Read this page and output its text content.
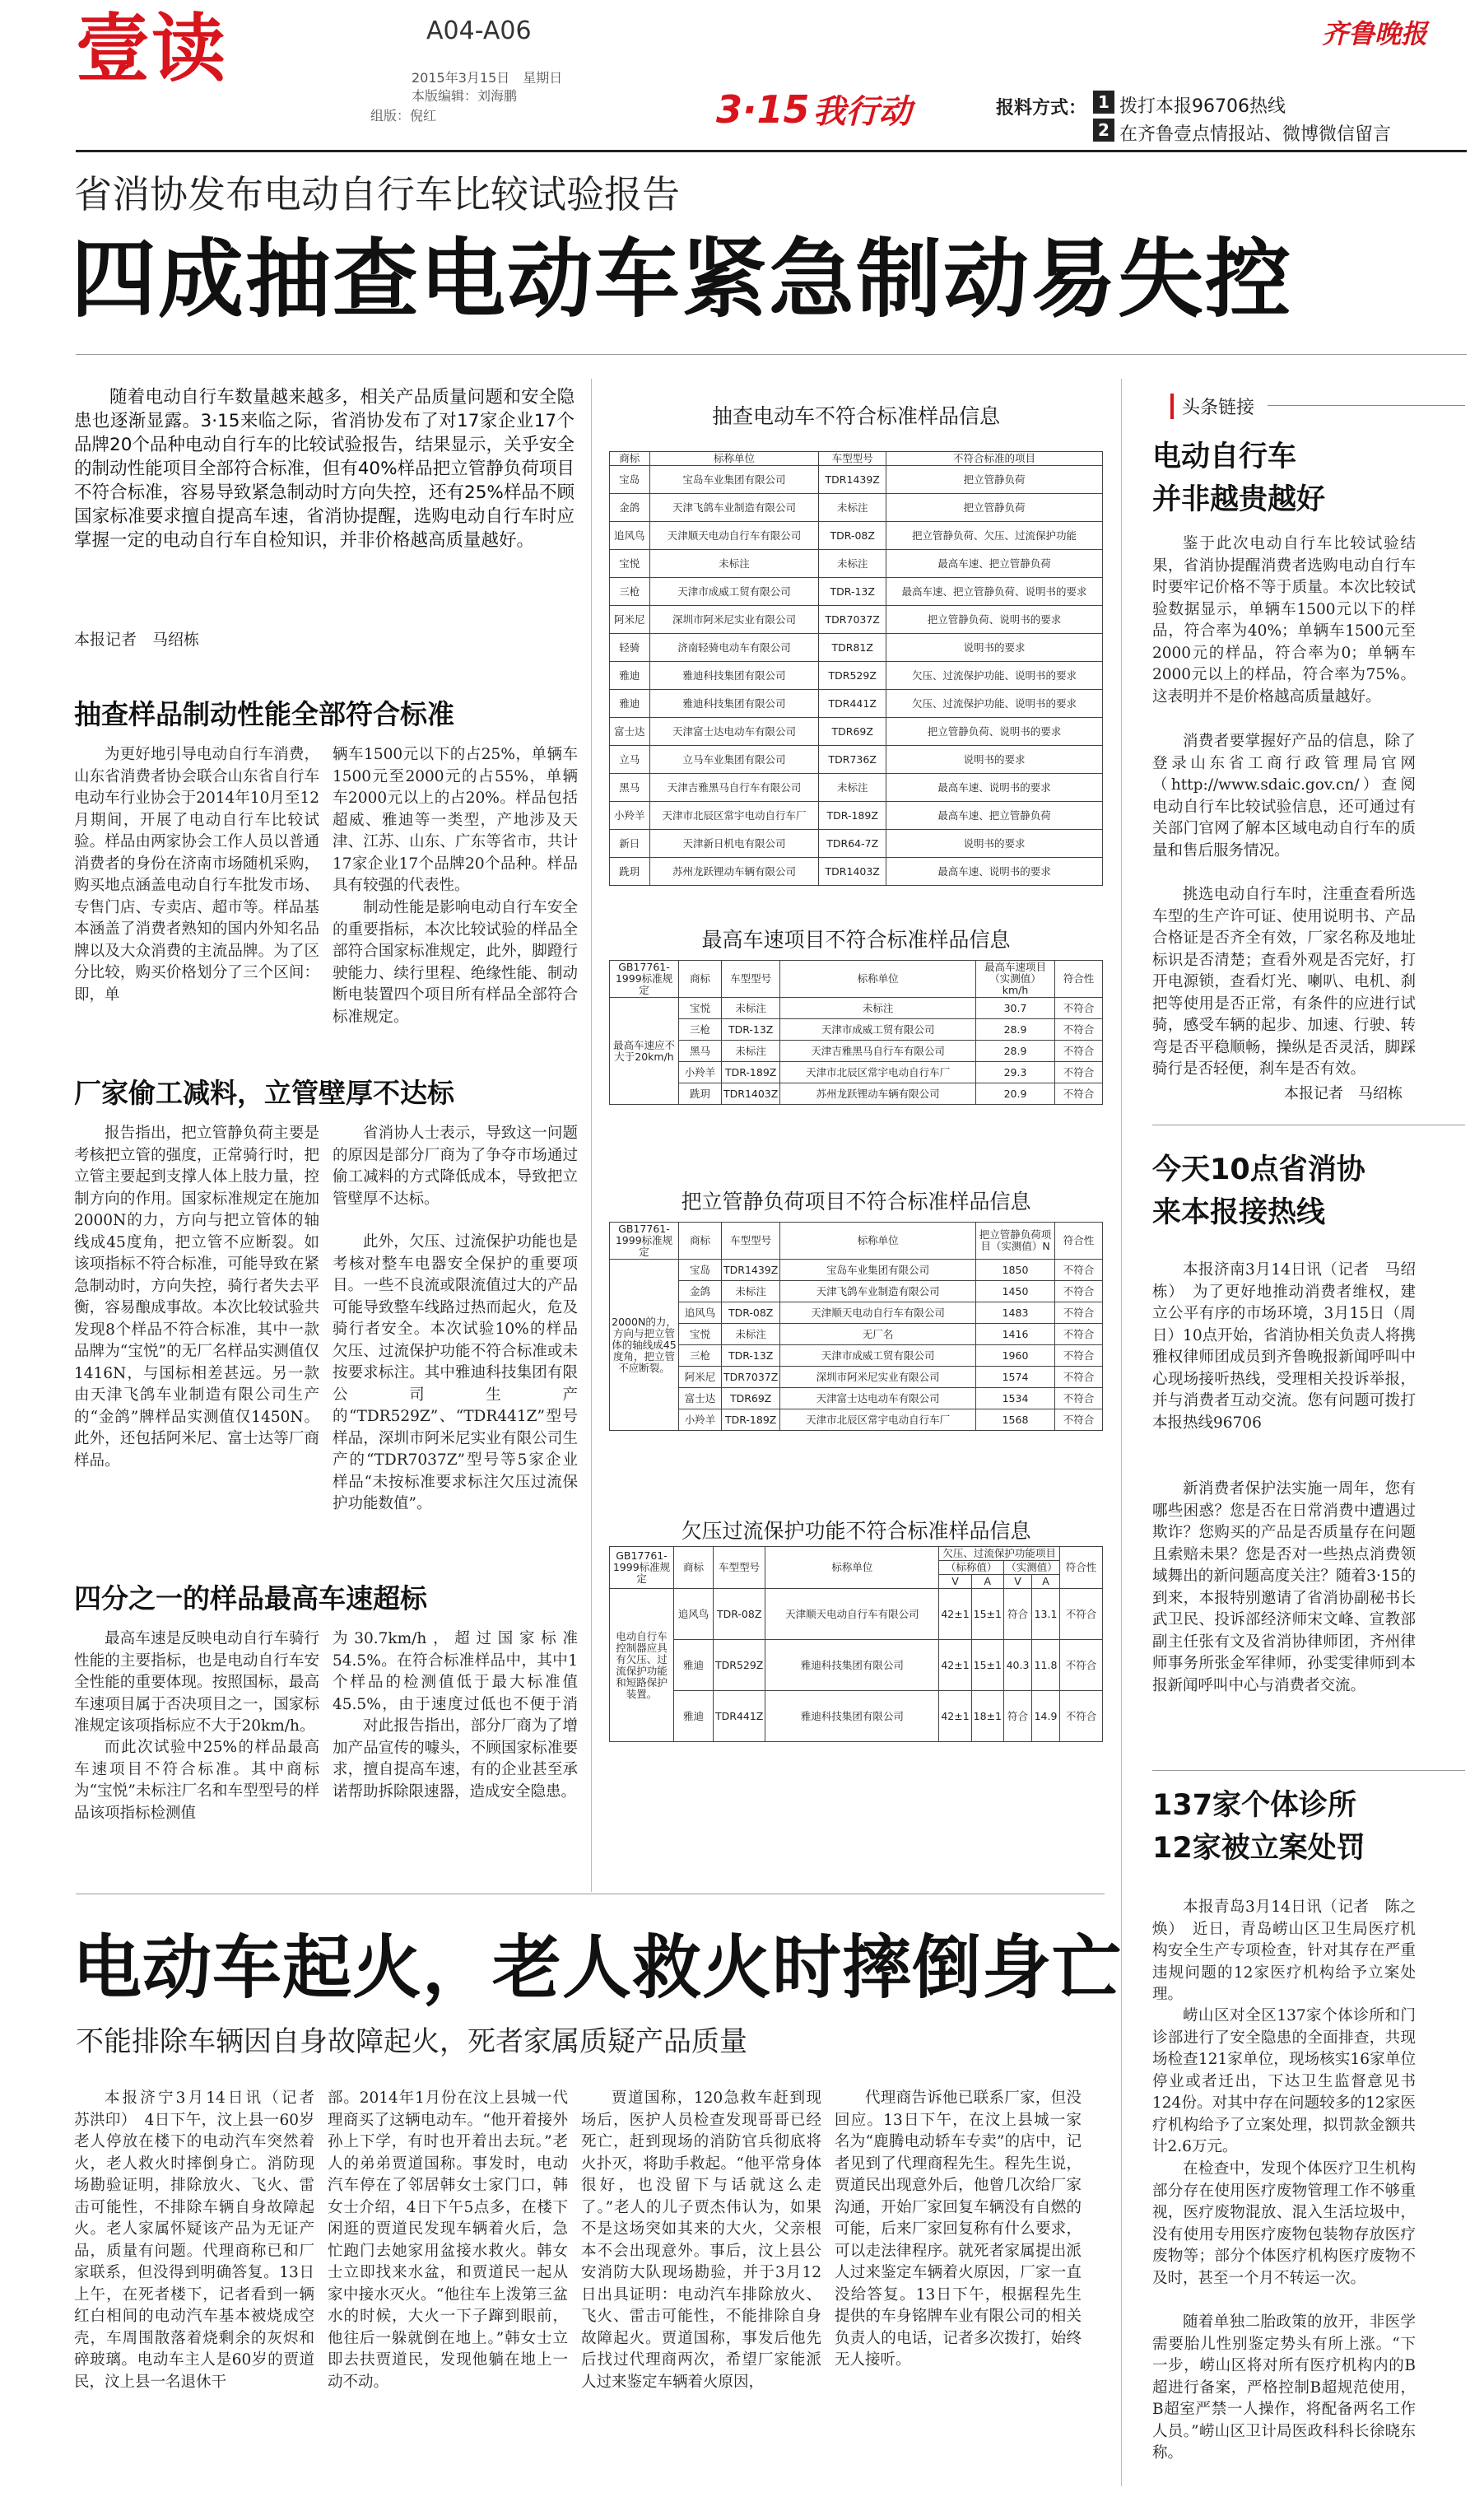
壹读	A04-A06
2015年3月15日　星期日
本版编辑：刘海鹏
组版：倪红
齐鲁晚报
3·15 我行动	报料方式： 1 拨打本报96706热线
2 在齐鲁壹点情报站、微博微信留言
省消协发布电动自行车比较试验报告
四成抽查电动车紧急制动易失控
随着电动自行车数量越来越多，相关产品质量问题和安全隐患也逐渐显露。3·15来临之际，省消协发布了对17家企业17个品牌20个品种电动自行车的比较试验报告，结果显示，关乎安全的制动性能项目全部符合标准，但有40%样品把立管静负荷项目不符合标准，容易导致紧急制动时方向失控，还有25%样品不顾国家标准要求擅自提高车速，省消协提醒，选购电动自行车时应掌握一定的电动自行车自检知识，并非价格越高质量越好。
本报记者　马绍栋
抽查样品制动性能全部符合标准
为更好地引导电动自行车消费，山东省消费者协会联合山东省自行车电动车行业协会于2014年10月至12月期间，开展了电动自行车比较试验。样品由两家协会工作人员以普通消费者的身份在济南市场随机采购，购买地点涵盖电动自行车批发市场、专售门店、专卖店、超市等。样品基本涵盖了消费者熟知的国内外知名品牌以及大众消费的主流品牌。为了区分比较，购买价格划分了三个区间：即，单
辆车1500元以下的占25%，单辆车1500元至2000元的占55%，单辆车2000元以上的占20%。样品包括超威、雅迪等一类型，产地涉及天津、江苏、山东、广东等省市，共计17家企业17个品牌20个品种。样品具有较强的代表性。
制动性能是影响电动自行车安全的重要指标，本次比较试验的样品全部符合国家标准规定，此外，脚蹬行驶能力、续行里程、绝缘性能、制动断电装置四个项目所有样品全部符合标准规定。
厂家偷工减料，立管壁厚不达标
报告指出，把立管静负荷主要是考核把立管的强度，正常骑行时，把立管主要起到支撑人体上肢力量，控制方向的作用。国家标准规定在施加2000N的力，方向与把立管体的轴线成45度角，把立管不应断裂。如该项指标不符合标准，可能导致在紧急制动时，方向失控，骑行者失去平衡，容易酿成事故。本次比较试验共发现8个样品不符合标准，其中一款品牌为“宝悦”的无厂名样品实测值仅1416N，与国标相差甚远。另一款由天津飞鸽车业制造有限公司生产的“金鸽”牌样品实测值仅1450N。此外，还包括阿米尼、富士达等厂商样品。
省消协人士表示，导致这一问题的原因是部分厂商为了争夺市场通过偷工减料的方式降低成本，导致把立管壁厚不达标。
此外，欠压、过流保护功能也是考核对整车电器安全保护的重要项目。一些不良流或限流值过大的产品可能导致整车线路过热而起火，危及骑行者安全。本次试验10%的样品欠压、过流保护功能不符合标准或未按要求标注。其中雅迪科技集团有限公司生产的“TDR529Z”、“TDR441Z”型号样品，深圳市阿米尼实业有限公司生产的“TDR7037Z”型号等5家企业样品“未按标准要求标注欠压过流保护功能数值”。
四分之一的样品最高车速超标
最高车速是反映电动自行车骑行性能的主要指标，也是电动自行车安全性能的重要体现。按照国标，最高车速项目属于否决项目之一，国家标准规定该项指标应不大于20km/h。
而此次试验中25%的样品最高车速项目不符合标准。其中商标为“宝悦”未标注厂名和车型型号的样品该项指标检测值
为30.7km/h，超过国家标准54.5%。在符合标准样品中，其中1个样品的检测值低于最大标准值45.5%，由于速度过低也不便于消
对此报告指出，部分厂商为了增加产品宣传的噱头，不顾国家标准要求，擅自提高车速，有的企业甚至承诺帮助拆除限速器，造成安全隐患。
抽查电动车不符合标准样品信息
商标	标称单位	车型型号	不符合标准的项目
宝岛	宝岛车业集团有限公司	TDR1439Z	把立管静负荷
金鸽	天津飞鸽车业制造有限公司	未标注	把立管静负荷
追风鸟	天津顺天电动自行车有限公司	TDR-08Z	把立管静负荷、欠压、过流保护功能
宝悦	未标注	未标注	最高车速、把立管静负荷
三枪	天津市成威工贸有限公司	TDR-13Z	最高车速、把立管静负荷、说明书的要求
阿米尼	深圳市阿米尼实业有限公司	TDR7037Z	把立管静负荷、说明书的要求
轻骑	济南轻骑电动车有限公司	TDR81Z	说明书的要求
雅迪	雅迪科技集团有限公司	TDR529Z	欠压、过流保护功能、说明书的要求
雅迪	雅迪科技集团有限公司	TDR441Z	欠压、过流保护功能、说明书的要求
富士达	天津富士达电动车有限公司	TDR69Z	把立管静负荷、说明书的要求
立马	立马车业集团有限公司	TDR736Z	说明书的要求
黑马	天津吉雅黑马自行车有限公司	未标注	最高车速、说明书的要求
小羚羊	天津市北辰区常宇电动自行车厂	TDR-189Z	最高车速、把立管静负荷
新日	天津新日机电有限公司	TDR64-7Z	说明书的要求
跣玥	苏州龙跃锂动车辆有限公司	TDR1403Z	最高车速、说明书的要求
最高车速项目不符合标准样品信息
GB17761-1999标准规定	商标	车型型号	标称单位	最高车速项目（实测值）km/h	符合性
最高车速应不大于20km/h	宝悦	未标注	未标注	30.7	不符合
	三枪	TDR-13Z	天津市成威工贸有限公司	28.9	不符合
	黑马	未标注	天津吉雅黑马自行车有限公司	28.9	不符合
	小羚羊	TDR-189Z	天津市北辰区常宇电动自行车厂	29.3	不符合
	跣玥	TDR1403Z	苏州龙跃锂动车辆有限公司	20.9	不符合
把立管静负荷项目不符合标准样品信息
GB17761-1999标准规定	商标	车型型号	标称单位	把立管静负荷项目（实测值）N	符合性
2000N的力，方向与把立管体的轴线成45度角，把立管不应断裂。	宝岛	TDR1439Z	宝岛车业集团有限公司	1850	不符合
	金鸽	未标注	天津飞鸽车业制造有限公司	1450	不符合
	追风鸟	TDR-08Z	天津顺天电动自行车有限公司	1483	不符合
	宝悦	未标注	无厂名	1416	不符合
	三枪	TDR-13Z	天津市成威工贸有限公司	1960	不符合
	阿米尼	TDR7037Z	深圳市阿米尼实业有限公司	1574	不符合
	富士达	TDR69Z	天津富士达电动车有限公司	1534	不符合
	小羚羊	TDR-189Z	天津市北辰区常宇电动自行车厂	1568	不符合
欠压过流保护功能不符合标准样品信息
GB17761-1999标准规定	商标	车型型号	标称单位	欠压、过流保护功能项目				符合性
				（标称值）		（实测值）		
				V	A	V	A	
电动自行车控制器应具有欠压、过流保护功能和短路保护装置。	追风鸟	TDR-08Z	天津顺天电动自行车有限公司	42±1	15±1	符合	13.1	不符合
	雅迪	TDR529Z	雅迪科技集团有限公司	42±1	15±1	40.3	11.8	不符合
	雅迪	TDR441Z	雅迪科技集团有限公司	42±1	18±1	符合	14.9	不符合
头条链接
电动自行车
并非越贵越好
鉴于此次电动自行车比较试验结果，省消协提醒消费者选购电动自行车时要牢记价格不等于质量。本次比较试验数据显示，单辆车1500元以下的样品，符合率为40%；单辆车1500元至2000元的样品，符合率为0；单辆车2000元以上的样品，符合率为75%。这表明并不是价格越高质量越好。
消费者要掌握好产品的信息，除了登录山东省工商行政管理局官网（http://www.sdaic.gov.cn/）查阅电动自行车比较试验信息，还可通过有关部门官网了解本区域电动自行车的质量和售后服务情况。
挑选电动自行车时，注重查看所选车型的生产许可证、使用说明书、产品合格证是否齐全有效，厂家名称及地址标识是否清楚；查看外观是否完好，打开电源锁，查看灯光、喇叭、电机、刹把等使用是否正常，有条件的应进行试骑，感受车辆的起步、加速、行驶、转弯是否平稳顺畅，操纵是否灵活，脚踩骑行是否轻便，刹车是否有效。
本报记者　马绍栋
今天10点省消协
来本报接热线
本报济南3月14日讯（记者　马绍栋）　为了更好地推动消费者维权，建立公平有序的市场环境，3月15日（周日）10点开始，省消协相关负责人将携雅权律师团成员到齐鲁晚报新闻呼叫中心现场接听热线，受理相关投诉举报，并与消费者互动交流。您有问题可拨打本报热线96706
新消费者保护法实施一周年，您有哪些困惑？您是否在日常消费中遭遇过欺诈？您购买的产品是否质量存在问题且索赔未果？您是否对一些热点消费领域舞出的新问题高度关注？随着3·15的到来，本报特别邀请了省消协副秘书长武卫民、投诉部经济师宋文峰、宣教部副主任张有文及省消协律师团，齐州律师事务所张金军律师，孙雯雯律师到本报新闻呼叫中心与消费者交流。
137家个体诊所
12家被立案处罚
本报青岛3月14日讯（记者　陈之焕）　近日，青岛崂山区卫生局医疗机构安全生产专项检查，针对其存在严重违规问题的12家医疗机构给予立案处理。
崂山区对全区137家个体诊所和门诊部进行了安全隐患的全面排查，共现场检查121家单位，现场核实16家单位停业或者迁出，下达卫生监督意见书124份。对其中存在问题较多的12家医疗机构给予了立案处理，拟罚款金额共计2.6万元。
在检查中，发现个体医疗卫生机构部分存在使用医疗废物管理工作不够重视，医疗废物混放、混入生活垃圾中，没有使用专用医疗废物包装物存放医疗废物等；部分个体医疗机构医疗废物不及时，甚至一个月不转运一次。
随着单独二胎政策的放开，非医学需要胎儿性别鉴定势头有所上涨。“下一步，崂山区将对所有医疗机构内的B超进行备案，严格控制B超规范使用，B超室严禁一人操作，将配备两名工作人员。”崂山区卫计局医政科科长徐晓东称。
电动车起火，老人救火时摔倒身亡
不能排除车辆因自身故障起火，死者家属质疑产品质量
本报济宁3月14日讯（记者　苏洪印）　4日下午，汶上县一60岁老人停放在楼下的电动汽车突然着火，老人救火时摔倒身亡。消防现场勘验证明，排除放火、飞火、雷击可能性，不排除车辆自身故障起火。老人家属怀疑该产品为无证产品，质量有问题。代理商称已和厂家联系，但没得到明确答复。13日上午，在死者楼下，记者看到一辆红白相间的电动汽车基本被烧成空壳，车周围散落着烧剩余的灰烬和碎玻璃。电动车主人是60岁的贾道民，汶上县一名退休干
部。2014年1月份在汶上县城一代理商买了这辆电动车。“他开着接外孙上下学，有时也开着出去玩。”老人的弟弟贾道国称。事发时，电动汽车停在了邻居韩女士家门口，韩女士介绍，4日下午5点多，在楼下闲逛的贾道民发现车辆着火后，急忙跑门去她家用盆接水救火。韩女士立即找来水盆，和贾道民一起从家中接水灭火。“他往车上泼第三盆水的时候，大火一下子蹿到眼前，他往后一躲就倒在地上。”韩女士立即去扶贾道民，发现他躺在地上一动不动。
贾道国称，120急救车赶到现场后，医护人员检查发现哥哥已经死亡，赶到现场的消防官兵彻底将火扑灭，将助手救起。“他平常身体很好，也没留下与话就这么走了。”老人的儿子贾杰伟认为，如果不是这场突如其来的大火，父亲根本不会出现意外。事后，汶上县公安消防大队现场勘验，并于3月12日出具证明：电动汽车排除放火、飞火、雷击可能性，不能排除自身故障起火。贾道国称，事发后他先后找过代理商两次，希望厂家能派人过来鉴定车辆着火原因，
代理商告诉他已联系厂家，但没回应。13日下午，在汶上县城一家名为“鹿腾电动轿车专卖”的店中，记者见到了代理商程先生。程先生说，贾道民出现意外后，他曾几次给厂家沟通，开始厂家回复车辆没有自燃的可能，后来厂家回复称有什么要求，可以走法律程序。就死者家属提出派人过来鉴定车辆着火原因，厂家一直没给答复。13日下午，根据程先生提供的车身铭牌车业有限公司的相关负责人的电话，记者多次拨打，始终无人接听。
